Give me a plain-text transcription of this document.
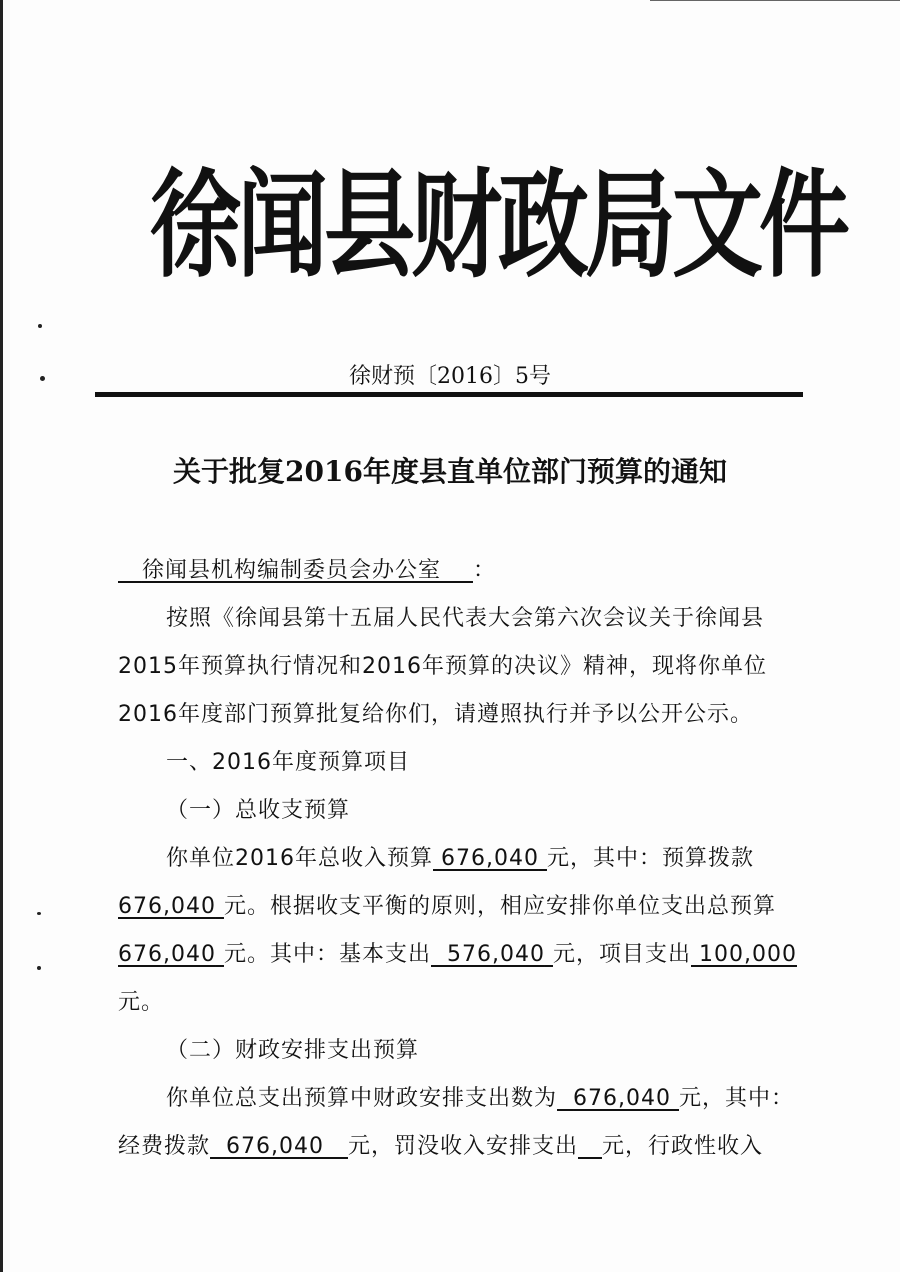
徐闻县财政局文件
徐财预〔2016〕5号
关于批复2016年度县直单位部门预算的通知
徐闻县机构编制委员会办公室 ：
按照《徐闻县第十五届人民代表大会第六次会议关于徐闻县
2015年预算执行情况和2016年预算的决议》精神，现将你单位
2016年度部门预算批复给你们，请遵照执行并予以公开公示。
一、2016年度预算项目
（一）总收支预算
你单位2016年总收入预算 676,040 元，其中：预算拨款
676,040 元。根据收支平衡的原则，相应安排你单位支出总预算
676,040 元。其中：基本支出 576,040 元，项目支出 100,000
元。
（二）财政安排支出预算
你单位总支出预算中财政安排支出数为 676,040 元，其中：
经费拨款 676,040 元，罚没收入安排支出 元，行政性收入
